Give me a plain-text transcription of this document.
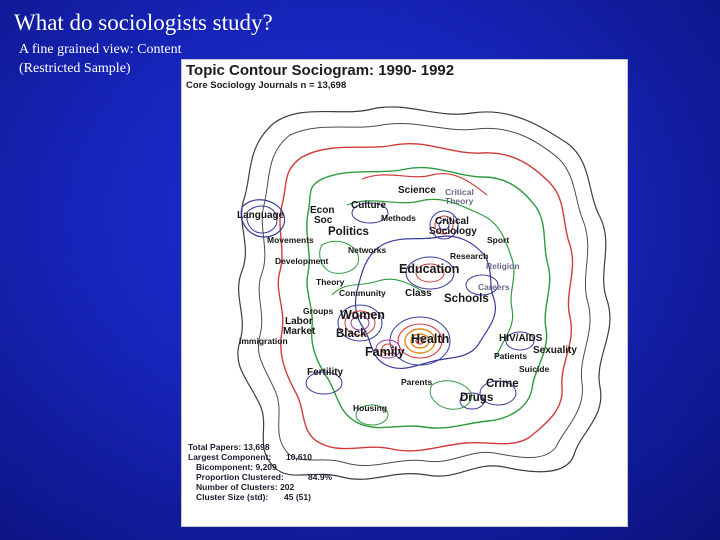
What do sociologists study?
A fine grained view: Content
(Restricted Sample)	Topic Contour Sociogram: 1990- 1992
Core Sociology Journals n = 13,698
Science Critical
Theory
Econ
Soc
Culture
Language	Methods Critical
Sociology
Politics
Sport
Movements
Networks
Research
Development	Religion
Education
Theory	Careers
Community Class Schools
Groups
Labor
Market
Women
Immigration
Black	Health	HIV/AIDS
Family	Patients Sexuality
Suicide
Fertility
Parents	Crime
Drugs
Housing
Total Papers: 13,698
Largest Component: 10,610
Bicomponent: 9,209
Proportion Clustered:	84.9%
Number of Clusters: 202
Cluster Size (std): 45 (51)
